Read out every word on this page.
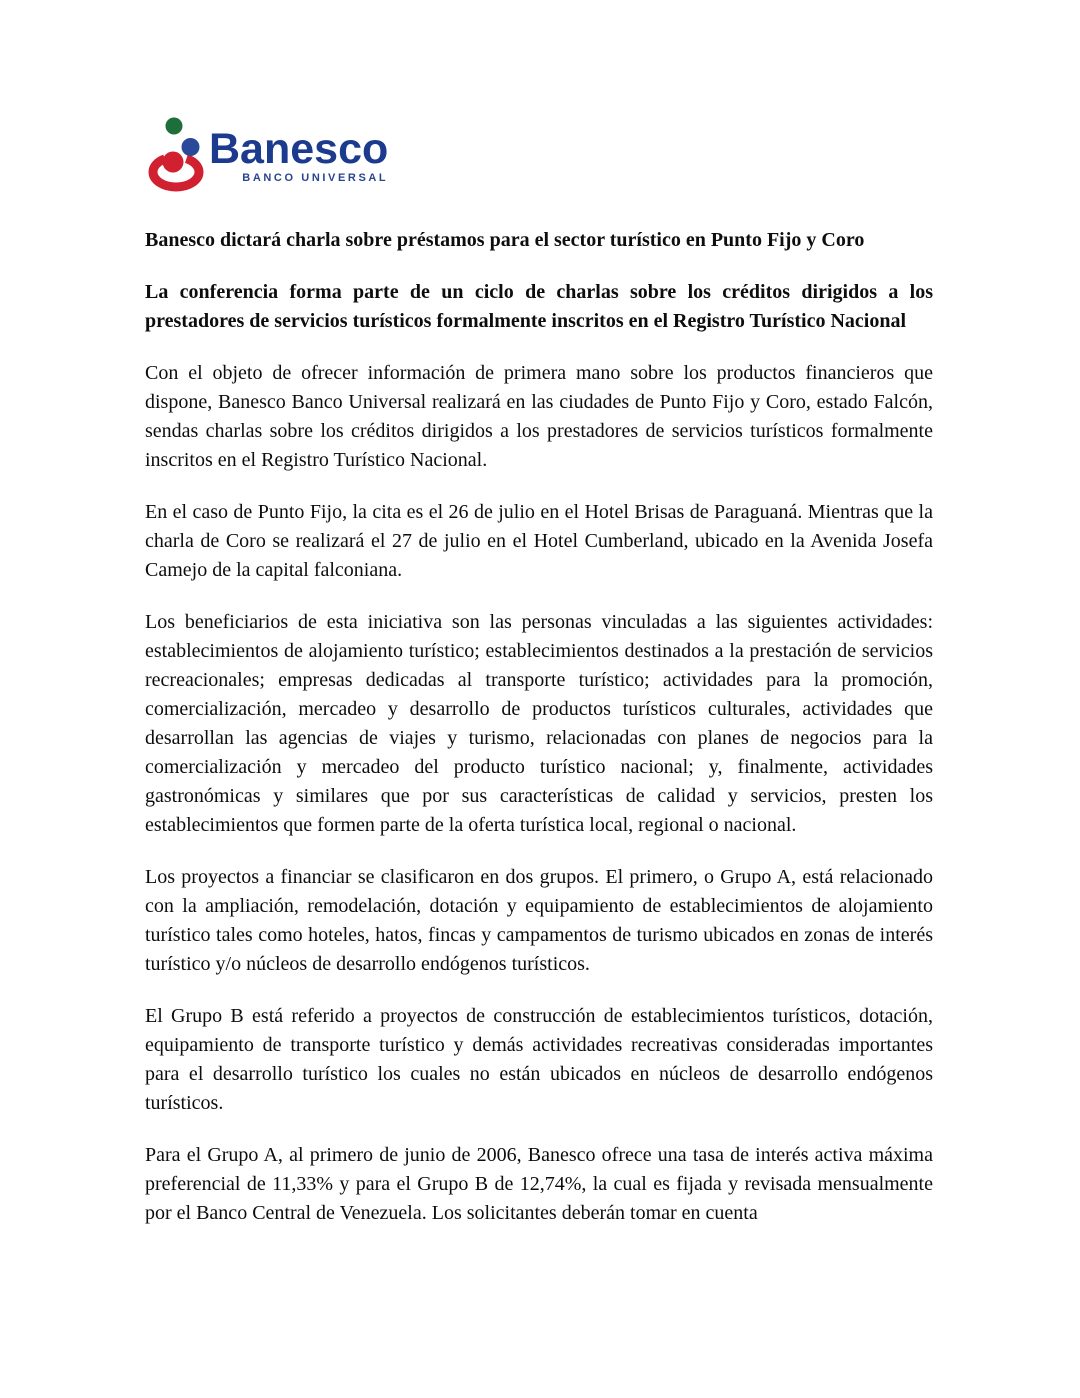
Banesco
BANCO UNIVERSAL

Banesco dictará charla sobre préstamos para el sector turístico en Punto Fijo y Coro

La conferencia forma parte de un ciclo de charlas sobre los créditos dirigidos a los prestadores de servicios turísticos formalmente inscritos en el Registro Turístico Nacional

Con el objeto de ofrecer información de primera mano sobre los productos financieros que dispone, Banesco Banco Universal realizará en las ciudades de Punto Fijo y Coro, estado Falcón, sendas charlas sobre los créditos dirigidos a los prestadores de servicios turísticos formalmente inscritos en el Registro Turístico Nacional.

En el caso de Punto Fijo, la cita es el 26 de julio en el Hotel Brisas de Paraguaná. Mientras que la charla de Coro se realizará el 27 de julio en el Hotel Cumberland, ubicado en la Avenida Josefa Camejo de la capital falconiana.

Los beneficiarios de esta iniciativa son las personas vinculadas a las siguientes actividades: establecimientos de alojamiento turístico; establecimientos destinados a la prestación de servicios recreacionales; empresas dedicadas al transporte turístico; actividades para la promoción, comercialización, mercadeo y desarrollo de productos turísticos culturales, actividades que desarrollan las agencias de viajes y turismo, relacionadas con planes de negocios para la comercialización y mercadeo del producto turístico nacional; y, finalmente, actividades gastronómicas y similares que por sus características de calidad y servicios, presten los establecimientos que formen parte de la oferta turística local, regional o nacional.

Los proyectos a financiar se clasificaron en dos grupos. El primero, o Grupo A, está relacionado con la ampliación, remodelación, dotación y equipamiento de establecimientos de alojamiento turístico tales como hoteles, hatos, fincas y campamentos de turismo ubicados en zonas de interés turístico y/o núcleos de desarrollo endógenos turísticos.

El Grupo B está referido a proyectos de construcción de establecimientos turísticos, dotación, equipamiento de transporte turístico y demás actividades recreativas consideradas importantes para el desarrollo turístico los cuales no están ubicados en núcleos de desarrollo endógenos turísticos.

Para el Grupo A, al primero de junio de 2006, Banesco ofrece una tasa de interés activa máxima preferencial de 11,33% y para el Grupo B de 12,74%, la cual es fijada y revisada mensualmente por el Banco Central de Venezuela. Los solicitantes deberán tomar en cuenta
